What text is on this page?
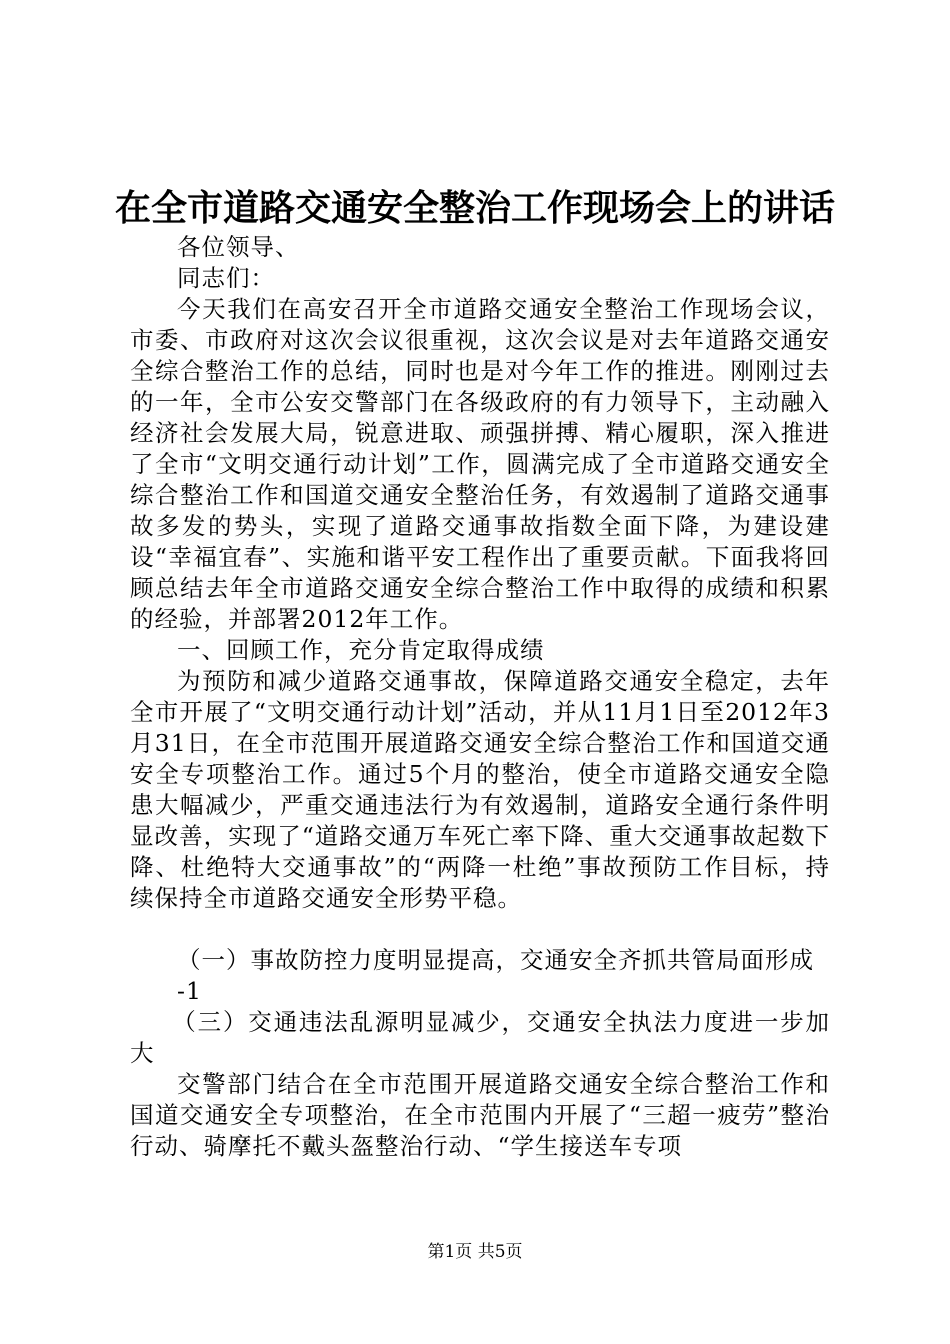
在全市道路交通安全整治工作现场会上的讲话

各位领导、

同志们：

今天我们在高安召开全市道路交通安全整治工作现场会议，市委、市政府对这次会议很重视，这次会议是对去年道路交通安全综合整治工作的总结，同时也是对今年工作的推进。刚刚过去的一年，全市公安交警部门在各级政府的有力领导下，主动融入经济社会发展大局，锐意进取、顽强拼搏、精心履职，深入推进了全市“文明交通行动计划”工作，圆满完成了全市道路交通安全综合整治工作和国道交通安全整治任务，有效遏制了道路交通事故多发的势头，实现了道路交通事故指数全面下降，为建设建设“幸福宜春”、实施和谐平安工程作出了重要贡献。下面我将回顾总结去年全市道路交通安全综合整治工作中取得的成绩和积累的经验，并部署2012年工作。

一、回顾工作，充分肯定取得成绩

为预防和减少道路交通事故，保障道路交通安全稳定，去年全市开展了“文明交通行动计划”活动，并从11月1日至2012年3月31日，在全市范围开展道路交通安全综合整治工作和国道交通安全专项整治工作。通过5个月的整治，使全市道路交通安全隐患大幅减少，严重交通违法行为有效遏制，道路安全通行条件明显改善，实现了“道路交通万车死亡率下降、重大交通事故起数下降、杜绝特大交通事故”的“两降一杜绝”事故预防工作目标，持续保持全市道路交通安全形势平稳。

（一）事故防控力度明显提高，交通安全齐抓共管局面形成

-1

（三）交通违法乱源明显减少，交通安全执法力度进一步加大

交警部门结合在全市范围开展道路交通安全综合整治工作和国道交通安全专项整治，在全市范围内开展了“三超一疲劳”整治行动、骑摩托不戴头盔整治行动、“学生接送车专项

第1页 共5页
